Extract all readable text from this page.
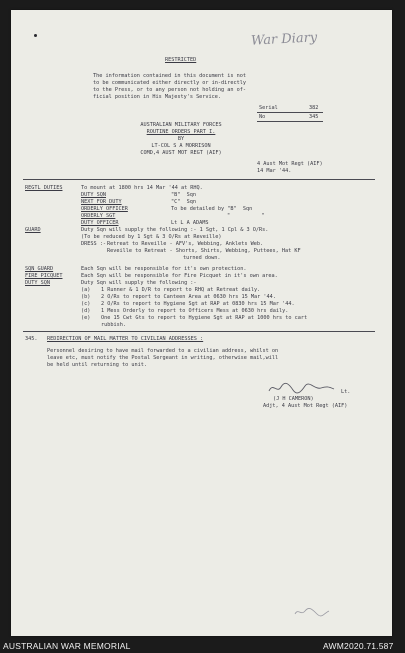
War Diary
RESTRICTED
The information contained in this document is not
to be communicated either directly or in-directly
to the Press, or to any person not holding an of-
ficial position in His Majesty's Service.
Serial	382
No	345
AUSTRALIAN MILITARY FORCES
ROUTINE ORDERS PART I.
BY
LT-COL S A MORRISON
COMD,4 AUST MOT REGT (AIF)
4 Aust Mot Regt (AIF)
14 Mar '44.
REGTL DUTIES	To mount at 1800 hrs 14 Mar '44 at RHQ.
DUTY SQN	"B"  Sqn
NEXT FOR DUTY	"C"  Sqn
ORDERLY OFFICER	To be detailed by "B"  Sqn
ORDERLY SGT	"          "
DUTY OFFICER	Lt L A ADAMS
GUARD	Duty Sqn will supply the following :- 1 Sgt, 1 Cpl & 3 O/Rs.
(To be reduced by 1 Sgt & 3 O/Rs at Reveille)
DRESS :- Retreat to Reveille - AFV's, Webbing, Anklets Web.
Reveille to Retreat - Shorts, Shirts, Webbing, Puttees, Hat KF
turned down.
SQN GUARD	Each Sqn will be responsible for it's own protection.
FIRE PICQUET	Each Sqn will be responsible for Fire Picquet in it's own area.
DUTY SQN	Duty Sqn will supply the following :-
(a) 1 Runner & 1 D/R to report to RHQ at Retreat daily.
(b) 2 O/Rs to report to Canteen Area at 0630 hrs 15 Mar '44.
(c) 2 O/Rs to report to Hygiene Sgt at RAP at 0830 hrs 15 Mar '44.
(d) 1 Mess Orderly to report to Officers Mess at 0630 hrs daily.
(e) One 15 Cwt Gts to report to Hygiene Sgt at RAP at 1000 hrs to cart
rubbish.
345. REDIRECTION OF MAIL MATTER TO CIVILIAN ADDRESSES :
Personnel desiring to have mail forwarded to a civilian address, whilst on
leave etc, must notify the Postal Sergeant in writing, otherwise mail,will
be held until returning to unit.
Lt.
(J H CAMERON)
Adjt, 4 Aust Mot Regt (AIF)
AUSTRALIAN WAR MEMORIAL	AWM2020.71.587
